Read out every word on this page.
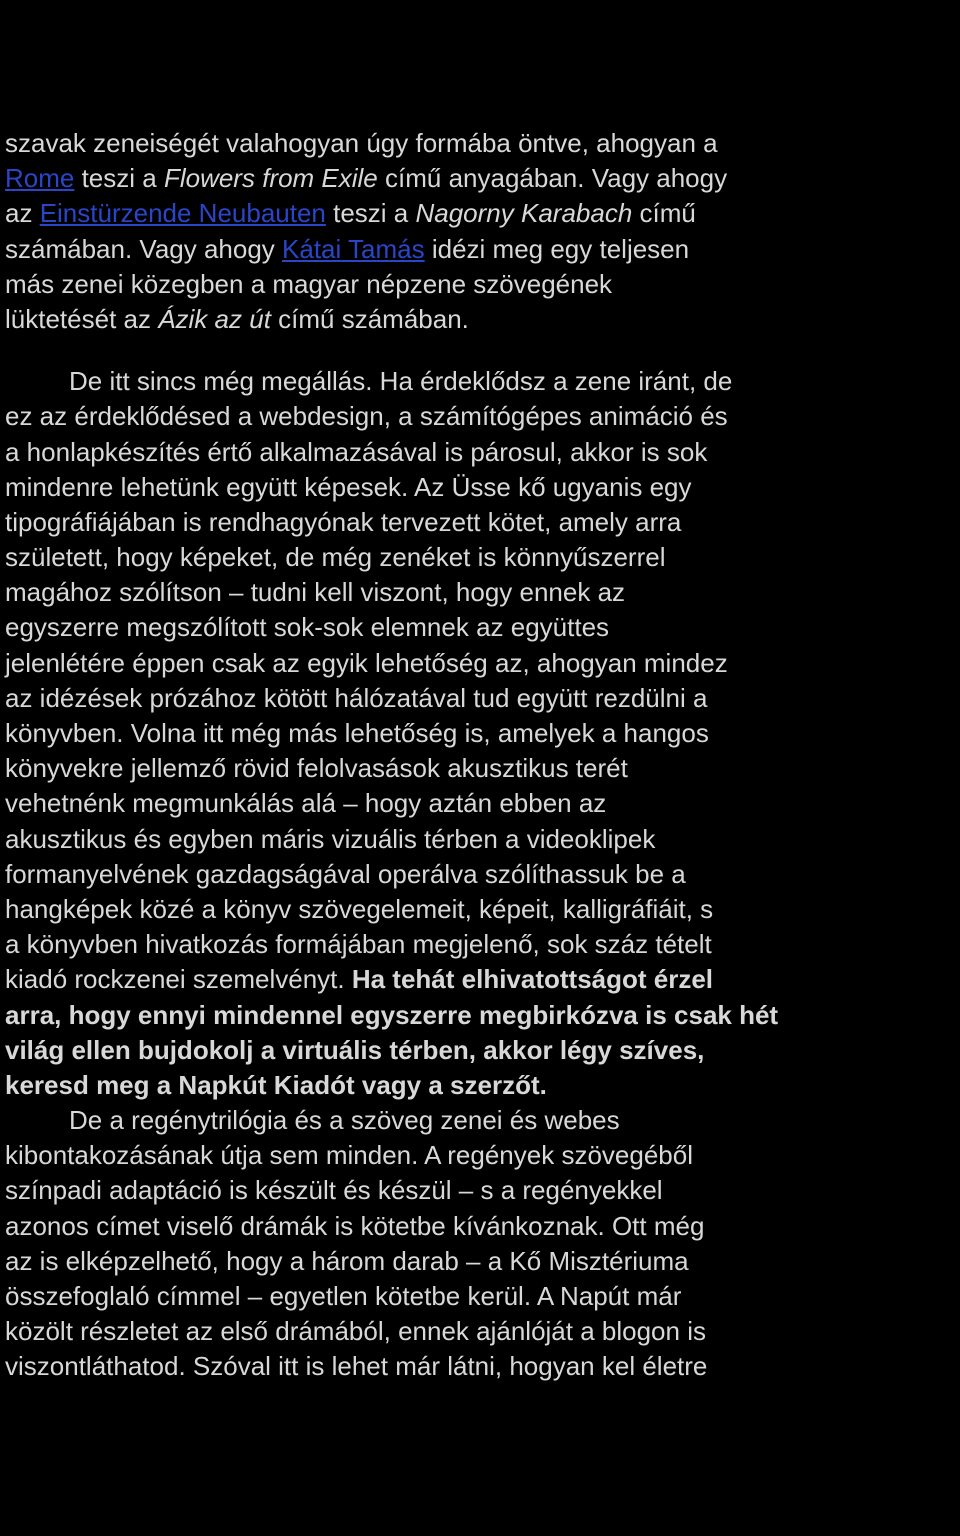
szavak zeneiségét valahogyan úgy formába öntve, ahogyan a
Rome teszi a Flowers from Exile című anyagában. Vagy ahogy
az Einstürzende Neubauten teszi a Nagorny Karabach című
számában. Vagy ahogy Kátai Tamás idézi meg egy teljesen
más zenei közegben a magyar népzene szövegének
lüktetését az Ázik az út című számában.
De itt sincs még megállás. Ha érdeklődsz a zene iránt, de
ez az érdeklődésed a webdesign, a számítógépes animáció és
a honlapkészítés értő alkalmazásával is párosul, akkor is sok
mindenre lehetünk együtt képesek. Az Üsse kő ugyanis egy
tipográfiájában is rendhagyónak tervezett kötet, amely arra
született, hogy képeket, de még zenéket is könnyűszerrel
magához szólítson – tudni kell viszont, hogy ennek az
egyszerre megszólított sok-sok elemnek az együttes
jelenlétére éppen csak az egyik lehetőség az, ahogyan mindez
az idézések prózához kötött hálózatával tud együtt rezdülni a
könyvben. Volna itt még más lehetőség is, amelyek a hangos
könyvekre jellemző rövid felolvasások akusztikus terét
vehetnénk megmunkálás alá – hogy aztán ebben az
akusztikus és egyben máris vizuális térben a videoklipek
formanyelvének gazdagságával operálva szólíthassuk be a
hangképek közé a könyv szövegelemeit, képeit, kalligráfiáit, s
a könyvben hivatkozás formájában megjelenő, sok száz tételt
kiadó rockzenei szemelvényt. Ha tehát elhivatottságot érzel
arra, hogy ennyi mindennel egyszerre megbirkózva is csak hét
világ ellen bujdokolj a virtuális térben, akkor légy szíves,
keresd meg a Napkút Kiadót vagy a szerzőt.
De a regénytrilógia és a szöveg zenei és webes
kibontakozásának útja sem minden. A regények szövegéből
színpadi adaptáció is készült és készül – s a regényekkel
azonos címet viselő drámák is kötetbe kívánkoznak. Ott még
az is elképzelhető, hogy a három darab – a Kő Misztériuma
összefoglaló címmel – egyetlen kötetbe kerül. A Napút már
közölt részletet az első drámából, ennek ajánlóját a blogon is
viszontláthatod. Szóval itt is lehet már látni, hogyan kel életre
